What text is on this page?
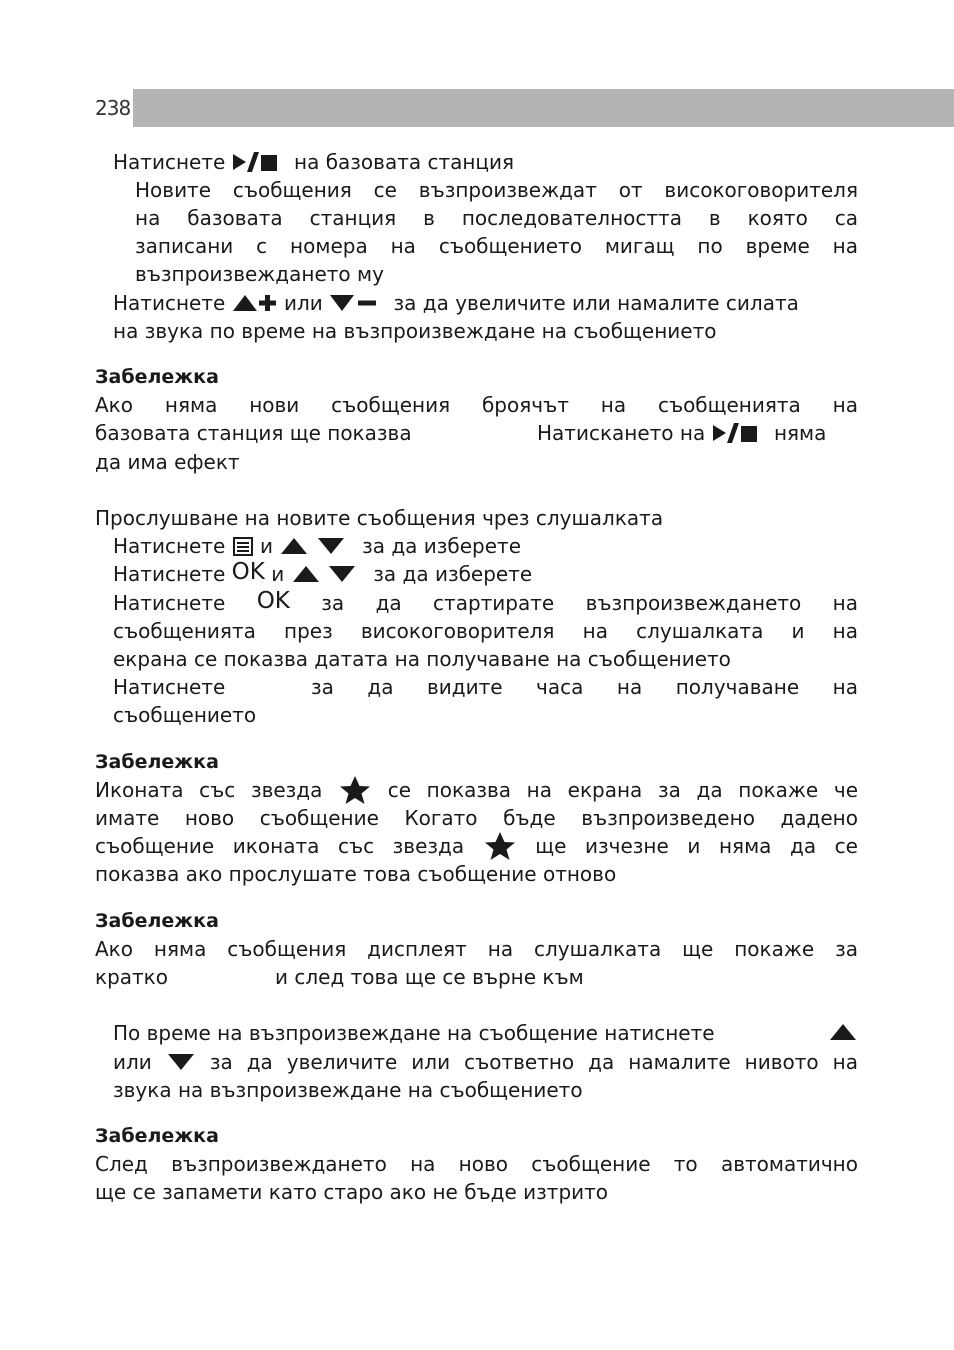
238
Натиснете	на базовата станция
Новите съобщения се възпроизвеждат от високоговорителя
на базовата станция в последователността в която са
записани с номера на съобщението мигащ по време на
възпроизвеждането му
Натиснете	или	за да увеличите или намалите силата
на звука по време на възпроизвеждане на съобщението
Забележка
Ако няма нови съобщения броячът на съобщенията на
базовата станция ще показва	Натискането на	няма
да има ефект
Прослушване на новите съобщения чрез слушалката
Натиснете и
	за да изберете
Натиснете OK и
	за да изберете
Натиснете OK за да стартирате възпроизвеждането на
съобщенията през високоговорителя на слушалката и на
екрана се показва датата на получаване на съобщението
Натиснете	за да видите часа на получаване на
съобщението
Забележка
Иконата със звезда	се показва на екрана за да покаже че
имате ново съобщение Когато бъде възпроизведено дадено
съобщение иконата със звезда	ще изчезне и няма да се
показва ако прослушате това съобщение отново
Забележка
Ако няма съобщения дисплеят на слушалката ще покаже за
кратко	и след това ще се върне към
По време на възпроизвеждане на съобщение натиснете
или	за да увеличите или съответно да намалите нивото на
звука на възпроизвеждане на съобщението
Забележка
След възпроизвеждането на ново съобщение то автоматично
ще се запамети като старо ако не бъде изтрито
